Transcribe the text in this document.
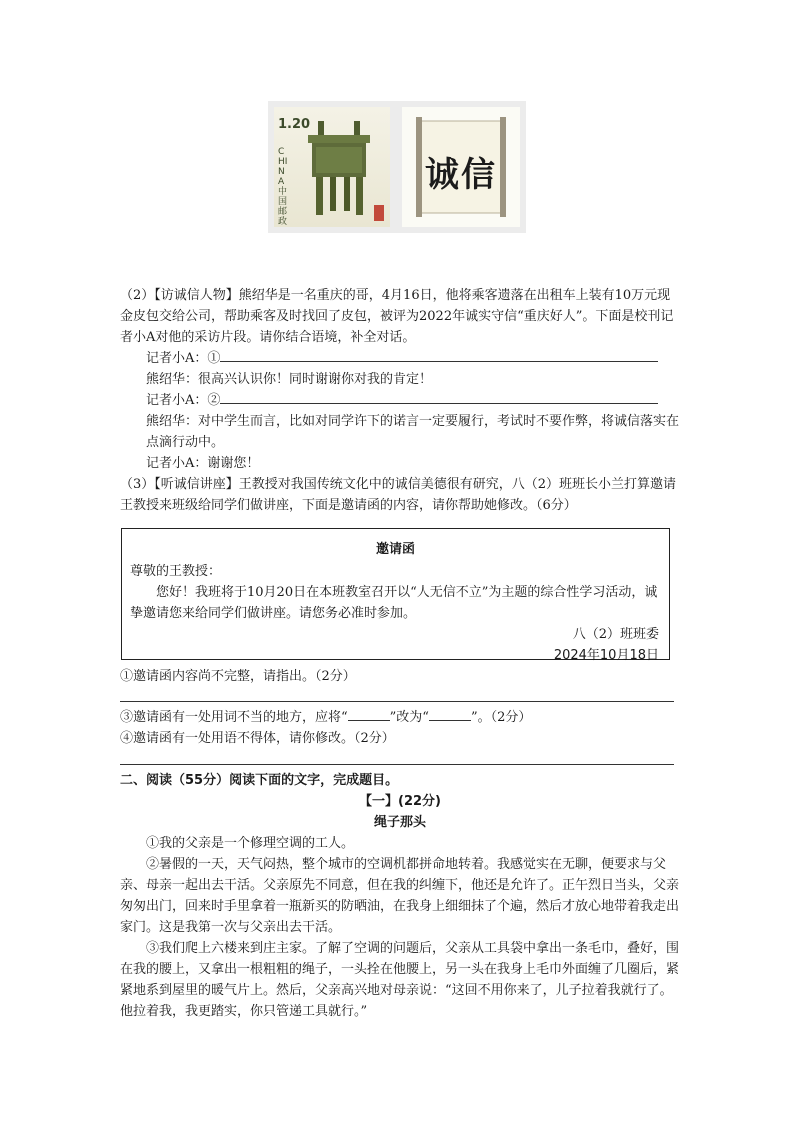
1.20
CHINA中国邮政
诚信

（2）【访诚信人物】熊绍华是一名重庆的哥，4月16日，他将乘客遗落在出租车上装有10万元现金皮包交给公司，帮助乘客及时找回了皮包，被评为2022年诚实守信“重庆好人”。下面是校刊记者小A对他的采访片段。请你结合语境，补全对话。

记者小A：①

熊绍华：很高兴认识你！同时谢谢你对我的肯定！

记者小A：②

熊绍华：对中学生而言，比如对同学许下的诺言一定要履行，考试时不要作弊，将诚信落实在点滴行动中。

记者小A：谢谢您！

（3）【听诚信讲座】王教授对我国传统文化中的诚信美德很有研究，八（2）班班长小兰打算邀请王教授来班级给同学们做讲座，下面是邀请函的内容，请你帮助她修改。（6分）

邀请函

尊敬的王教授：

您好！我班将于10月20日在本班教室召开以“人无信不立”为主题的综合性学习活动，诚挚邀请您来给同学们做讲座。请您务必准时参加。

八（2）班班委

2024年10月18日

①邀请函内容尚不完整，请指出。（2分）

③邀请函有一处用词不当的地方，应将“	”改为“	”。（2分）

④邀请函有一处用语不得体，请你修改。（2分）

二、阅读（55分）阅读下面的文字，完成题目。

【一】(22分)

绳子那头

①我的父亲是一个修理空调的工人。

②暑假的一天，天气闷热，整个城市的空调机都拼命地转着。我感觉实在无聊，便要求与父亲、母亲一起出去干活。父亲原先不同意，但在我的纠缠下，他还是允许了。正午烈日当头，父亲匆匆出门，回来时手里拿着一瓶新买的防晒油，在我身上细细抹了个遍，然后才放心地带着我走出家门。这是我第一次与父亲出去干活。

③我们爬上六楼来到庄主家。了解了空调的问题后，父亲从工具袋中拿出一条毛巾，叠好，围在我的腰上，又拿出一根粗粗的绳子，一头拴在他腰上，另一头在我身上毛巾外面缠了几圈后，紧紧地系到屋里的暖气片上。然后，父亲高兴地对母亲说：“这回不用你来了，儿子拉着我就行了。他拉着我，我更踏实，你只管递工具就行。”
